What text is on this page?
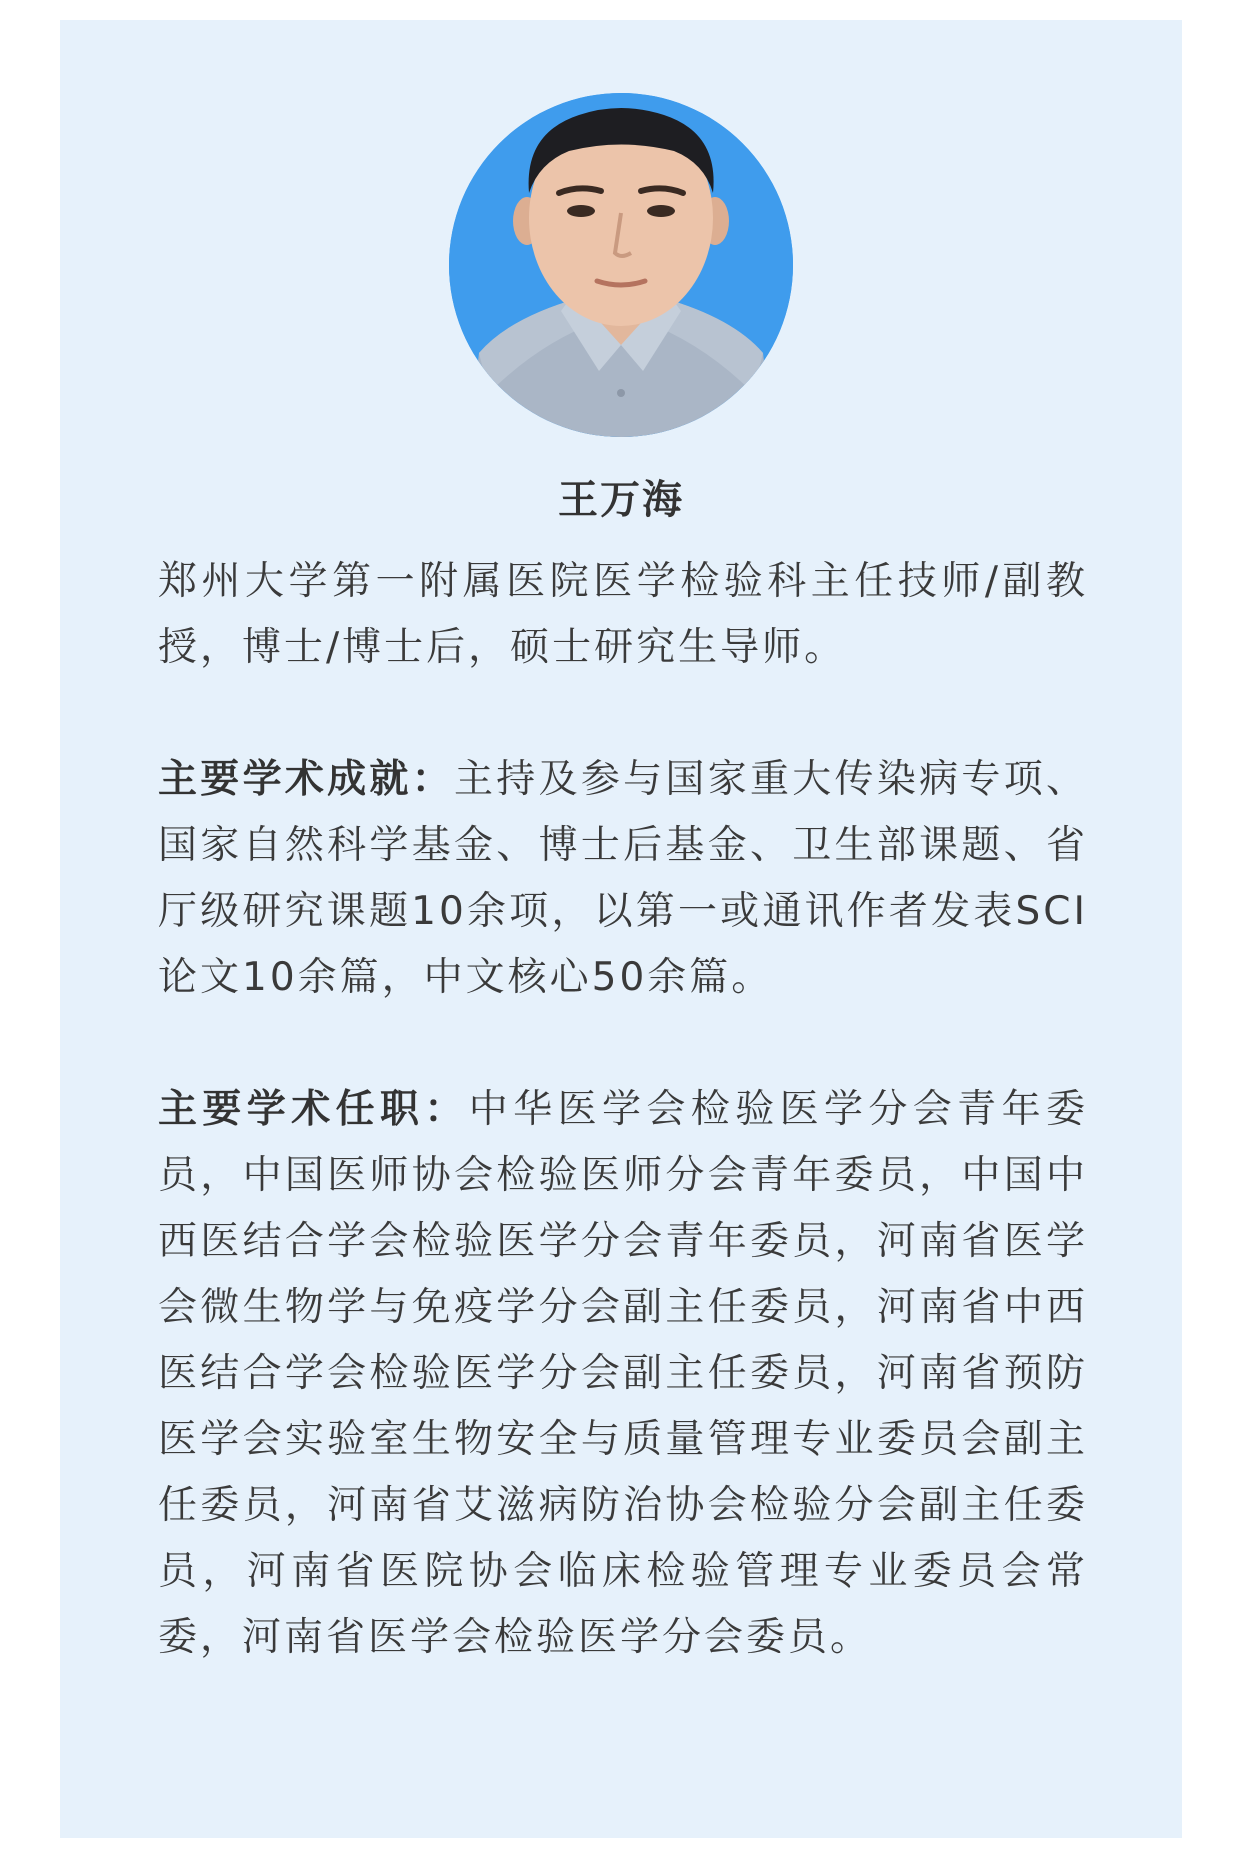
王万海

郑州大学第一附属医院医学检验科主任技师/副教授，博士/博士后，硕士研究生导师。

主要学术成就：主持及参与国家重大传染病专项、国家自然科学基金、博士后基金、卫生部课题、省厅级研究课题10余项，以第一或通讯作者发表SCI论文10余篇，中文核心50余篇。

主要学术任职：中华医学会检验医学分会青年委员，中国医师协会检验医师分会青年委员，中国中西医结合学会检验医学分会青年委员，河南省医学会微生物学与免疫学分会副主任委员，河南省中西医结合学会检验医学分会副主任委员，河南省预防医学会实验室生物安全与质量管理专业委员会副主任委员，河南省艾滋病防治协会检验分会副主任委员，河南省医院协会临床检验管理专业委员会常委，河南省医学会检验医学分会委员。
